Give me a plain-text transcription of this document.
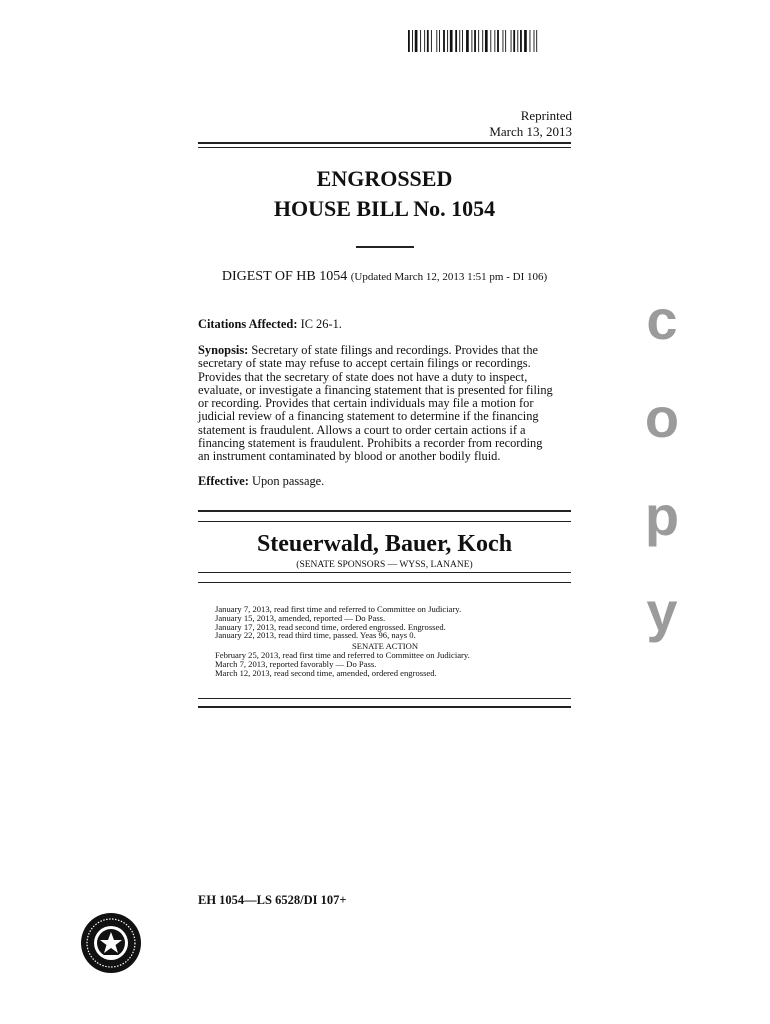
Reprinted
March 13, 2013
ENGROSSED
HOUSE BILL No. 1054
DIGEST OF HB 1054 (Updated March 12, 2013 1:51 pm - DI 106)
Citations Affected: IC 26-1.
Synopsis: Secretary of state filings and recordings. Provides that the
secretary of state may refuse to accept certain filings or recordings.
Provides that the secretary of state does not have a duty to inspect,
evaluate, or investigate a financing statement that is presented for filing
or recording. Provides that certain individuals may file a motion for
judicial review of a financing statement to determine if the financing
statement is fraudulent. Allows a court to order certain actions if a
financing statement is fraudulent. Prohibits a recorder from recording
an instrument contaminated by blood or another bodily fluid.
Effective: Upon passage.
Steuerwald, Bauer, Koch
(SENATE SPONSORS — WYSS, LANANE)
January 7, 2013, read first time and referred to Committee on Judiciary.
January 15, 2013, amended, reported — Do Pass.
January 17, 2013, read second time, ordered engrossed. Engrossed.
January 22, 2013, read third time, passed. Yeas 96, nays 0.
SENATE ACTION
February 25, 2013, read first time and referred to Committee on Judiciary.
March 7, 2013, reported favorably — Do Pass.
March 12, 2013, read second time, amended, ordered engrossed.
EH 1054—LS 6528/DI 107+
c
o
p
y
